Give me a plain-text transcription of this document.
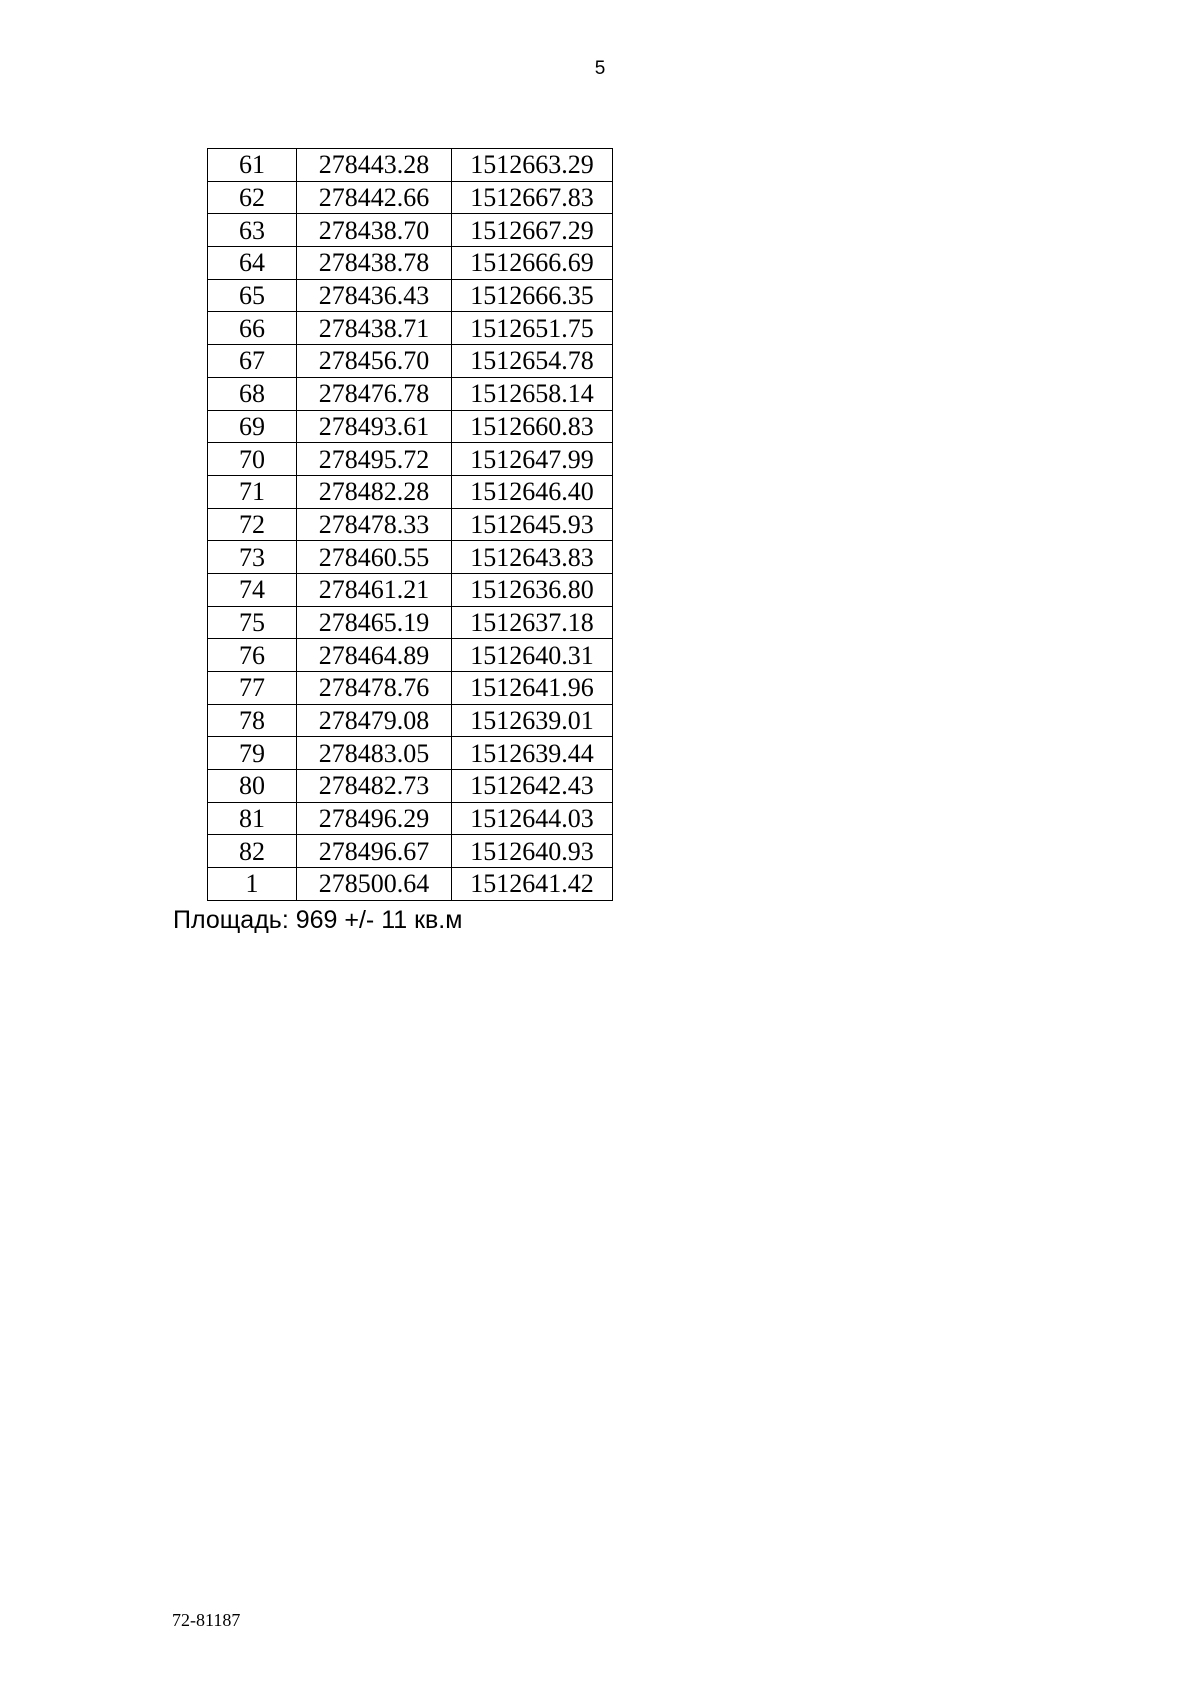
5
61	278443.28	1512663.29
62	278442.66	1512667.83
63	278438.70	1512667.29
64	278438.78	1512666.69
65	278436.43	1512666.35
66	278438.71	1512651.75
67	278456.70	1512654.78
68	278476.78	1512658.14
69	278493.61	1512660.83
70	278495.72	1512647.99
71	278482.28	1512646.40
72	278478.33	1512645.93
73	278460.55	1512643.83
74	278461.21	1512636.80
75	278465.19	1512637.18
76	278464.89	1512640.31
77	278478.76	1512641.96
78	278479.08	1512639.01
79	278483.05	1512639.44
80	278482.73	1512642.43
81	278496.29	1512644.03
82	278496.67	1512640.93
1	278500.64	1512641.42
Площадь: 969 +/- 11 кв.м
72-81187
